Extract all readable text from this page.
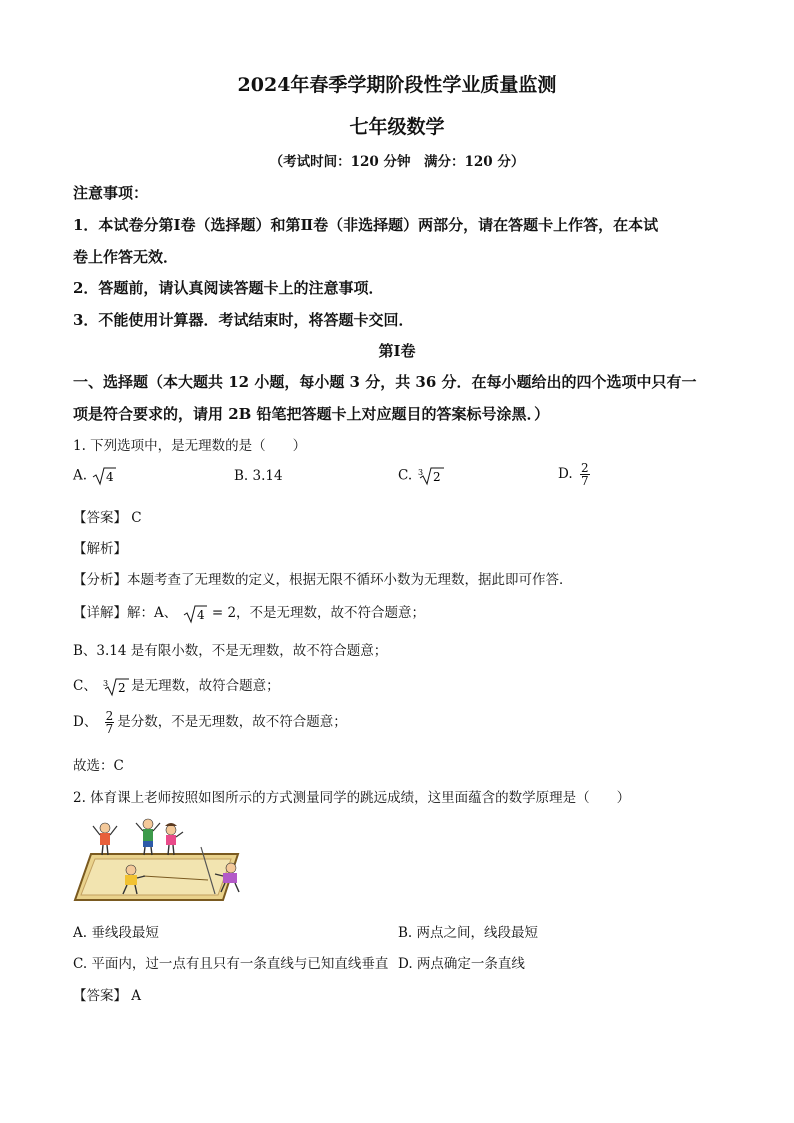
2024年春季学期阶段性学业质量监测
七年级数学
（考试时间：120 分钟　满分：120 分）
注意事项：
1．本试卷分第Ⅰ卷（选择题）和第Ⅱ卷（非选择题）两部分，请在答题卡上作答，在本试
卷上作答无效．
2．答题前，请认真阅读答题卡上的注意事项．
3．不能使用计算器．考试结束时，将答题卡交回．
第Ⅰ卷
一、选择题（本大题共 12 小题，每小题 3 分，共 36 分．在每小题给出的四个选项中只有一
项是符合要求的，请用 2B 铅笔把答题卡上对应题目的答案标号涂黑．）
1. 下列选项中，是无理数的是（　　）
A. 4	B. 3.14	C. 3 2	D. $\frac{2}{7}$
【答案】 C
【解析】
【分析】本题考查了无理数的定义，根据无限不循环小数为无理数，据此即可作答．
【详解】解：A、 4 = 2，不是无理数，故不符合题意；
B、3.14 是有限小数，不是无理数，故不符合题意；
C、 3 2 是无理数，故符合题意；
D、 $\frac{2}{7}$ 是分数，不是无理数，故不符合题意；
故选：C
2. 体育课上老师按照如图所示的方式测量同学的跳远成绩，这里面蕴含的数学原理是（　　）
A. 垂线段最短	B. 两点之间，线段最短
C. 平面内，过一点有且只有一条直线与已知直线垂直 D. 两点确定一条直线
【答案】 A
